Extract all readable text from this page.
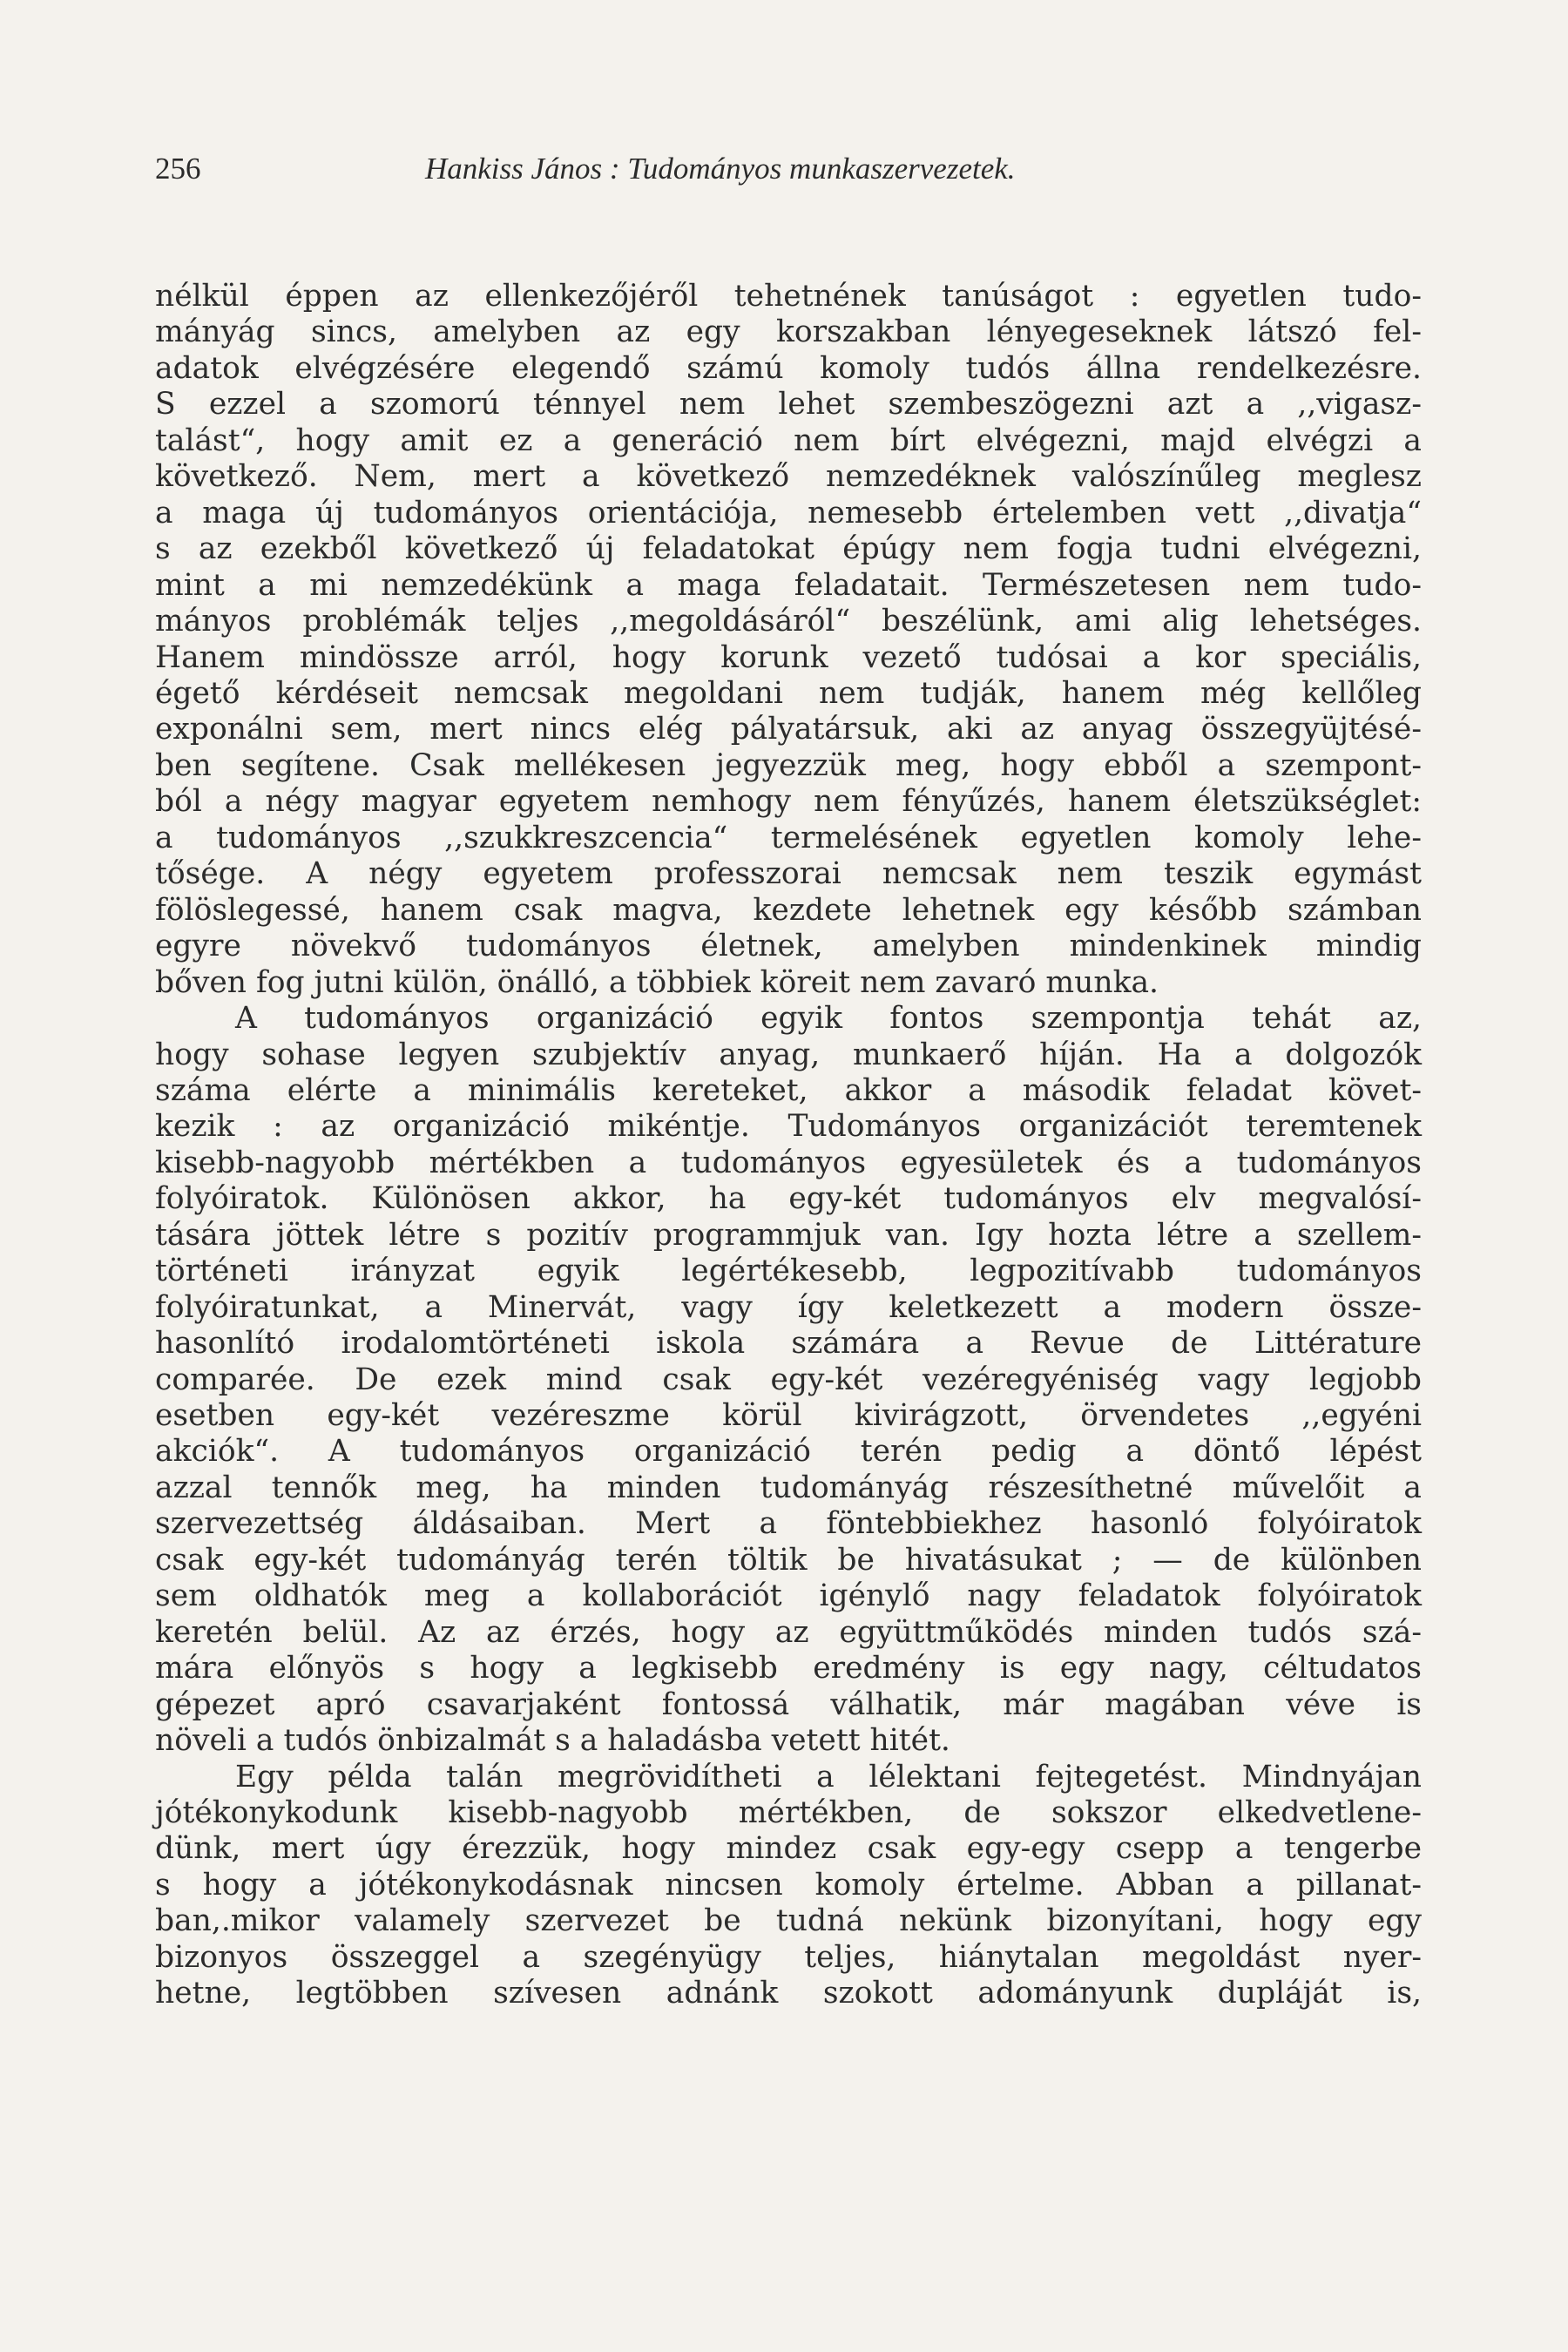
256	Hankiss János : Tudományos munkaszervezetek.
nélkül éppen az ellenkezőjéről tehetnének tanúságot : egyetlen tudo-
mányág sincs, amelyben az egy korszakban lényegeseknek látszó fel-
adatok elvégzésére elegendő számú komoly tudós állna rendelkezésre.
S ezzel a szomorú ténnyel nem lehet szembeszögezni azt a ,,vigasz-
talást“, hogy amit ez a generáció nem bírt elvégezni, majd elvégzi a
következő. Nem, mert a következő nemzedéknek valószínűleg meglesz
a maga új tudományos orientációja, nemesebb értelemben vett ,,divatja“
s az ezekből következő új feladatokat épúgy nem fogja tudni elvégezni,
mint a mi nemzedékünk a maga feladatait. Természetesen nem tudo-
mányos problémák teljes ,,megoldásáról“ beszélünk, ami alig lehetséges.
Hanem mindössze arról, hogy korunk vezető tudósai a kor speciális,
égető kérdéseit nemcsak megoldani nem tudják, hanem még kellőleg
exponálni sem, mert nincs elég pályatársuk, aki az anyag összegyüjtésé-
ben segítene. Csak mellékesen jegyezzük meg, hogy ebből a szempont-
ból a négy magyar egyetem nemhogy nem fényűzés, hanem életszükséglet:
a tudományos ,,szukkreszcencia“ termelésének egyetlen komoly lehe-
tősége. A négy egyetem professzorai nemcsak nem teszik egymást
fölöslegessé, hanem csak magva, kezdete lehetnek egy később számban
egyre növekvő tudományos életnek, amelyben mindenkinek mindig
bőven fog jutni külön, önálló, a többiek köreit nem zavaró munka.
A tudományos organizáció egyik fontos szempontja tehát az,
hogy sohase legyen szubjektív anyag, munkaerő híján. Ha a dolgozók
száma elérte a minimális kereteket, akkor a második feladat követ-
kezik : az organizáció mikéntje. Tudományos organizációt teremtenek
kisebb-nagyobb mértékben a tudományos egyesületek és a tudományos
folyóiratok. Különösen akkor, ha egy-két tudományos elv megvalósí-
tására jöttek létre s pozitív programmjuk van. Igy hozta létre a szellem-
történeti irányzat egyik legértékesebb, legpozitívabb tudományos
folyóiratunkat, a Minervát, vagy így keletkezett a modern össze-
hasonlító irodalomtörténeti iskola számára a Revue de Littérature
comparée. De ezek mind csak egy-két vezéregyéniség vagy legjobb
esetben egy-két vezéreszme körül kivirágzott, örvendetes ,,egyéni
akciók“. A tudományos organizáció terén pedig a döntő lépést
azzal tennők meg, ha minden tudományág részesíthetné művelőit a
szervezettség áldásaiban. Mert a föntebbiekhez hasonló folyóiratok
csak egy-két tudományág terén töltik be hivatásukat ; — de különben
sem oldhatók meg a kollaborációt igénylő nagy feladatok folyóiratok
keretén belül. Az az érzés, hogy az együttműködés minden tudós szá-
mára előnyös s hogy a legkisebb eredmény is egy nagy, céltudatos
gépezet apró csavarjaként fontossá válhatik, már magában véve is
növeli a tudós önbizalmát s a haladásba vetett hitét.
Egy példa talán megrövidítheti a lélektani fejtegetést. Mindnyájan
jótékonykodunk kisebb-nagyobb mértékben, de sokszor elkedvetlene-
dünk, mert úgy érezzük, hogy mindez csak egy-egy csepp a tengerbe
s hogy a jótékonykodásnak nincsen komoly értelme. Abban a pillanat-
ban,.mikor valamely szervezet be tudná nekünk bizonyítani, hogy egy
bizonyos összeggel a szegényügy teljes, hiánytalan megoldást nyer-
hetne, legtöbben szívesen adnánk szokott adományunk dupláját is,
